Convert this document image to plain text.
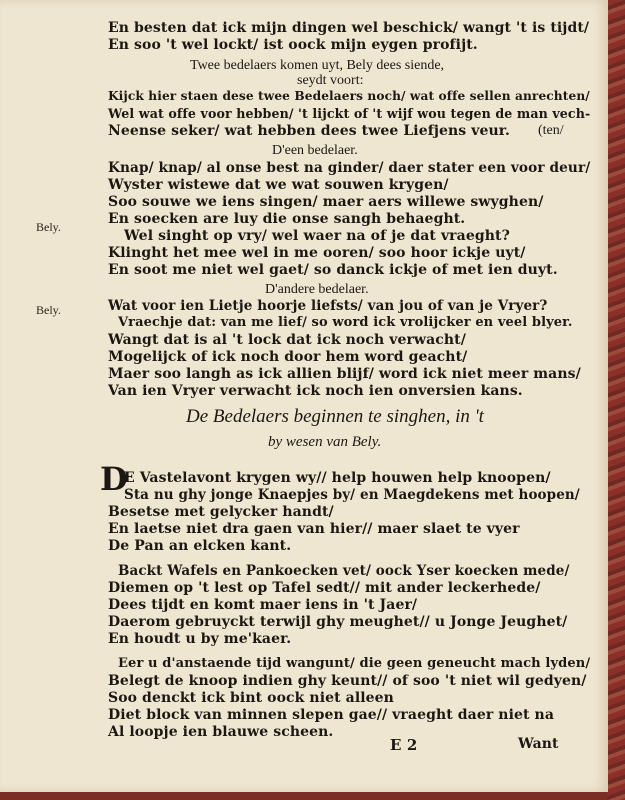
En besten dat ick mijn dingen wel beschick/ wangt 't is tijdt/
En soo 't wel lockt/ ist oock mijn eygen profijt.
Twee bedelaers komen uyt, Bely dees siende,
seydt voort:
Kijck hier staen dese twee Bedelaers noch/ wat offe sellen anrechten/
Wel wat offe voor hebben/ 't lijckt of 't wijf wou tegen de man vech-
Neense seker/ wat hebben dees twee Liefjens veur. (ten/
D'een bedelaer.
Knap/ knap/ al onse best na ginder/ daer stater een voor deur/
Wyster wistewe dat we wat souwen krygen/
Soo souwe we iens singen/ maer aers willewe swyghen/
En soecken are luy die onse sangh behaeght.
Bely.
Wel singht op vry/ wel waer na of je dat vraeght?
Klinght het mee wel in me ooren/ soo hoor ickje uyt/
En soot me niet wel gaet/ so danck ickje of met ien duyt.
D'andere bedelaer.
Wat voor ien Lietje hoorje liefsts/ van jou of van je Vryer?
Bely.
Vraechje dat: van me lief/ so word ick vrolijcker en veel blyer.
Wangt dat is al 't lock dat ick noch verwacht/
Mogelijck of ick noch door hem word geacht/
Maer soo langh as ick allien blijf/ word ick niet meer mans/
Van ien Vryer verwacht ick noch ien onversien kans.
De Bedelaers beginnen te singhen, in 't
by wesen van Bely.
D
E Vastelavont krygen wy// help houwen help knoopen/
Sta nu ghy jonge Knaepjes by/ en Maegdekens met hoopen/
Besetse met gelycker handt/
En laetse niet dra gaen van hier// maer slaet te vyer
De Pan an elcken kant.
Backt Wafels en Pankoecken vet/ oock Yser koecken mede/
Diemen op 't lest op Tafel sedt// mit ander leckerhede/
Dees tijdt en komt maer iens in 't Jaer/
Daerom gebruyckt terwijl ghy meughet// u Jonge Jeughet/
En houdt u by me'kaer.
Eer u d'anstaende tijd wangunt/ die geen geneucht mach lyden/
Belegt de knoop indien ghy keunt// of soo 't niet wil gedyen/
Soo denckt ick bint oock niet alleen
Diet block van minnen slepen gae// vraeght daer niet na
Al loopje ien blauwe scheen.
E 2	Want
